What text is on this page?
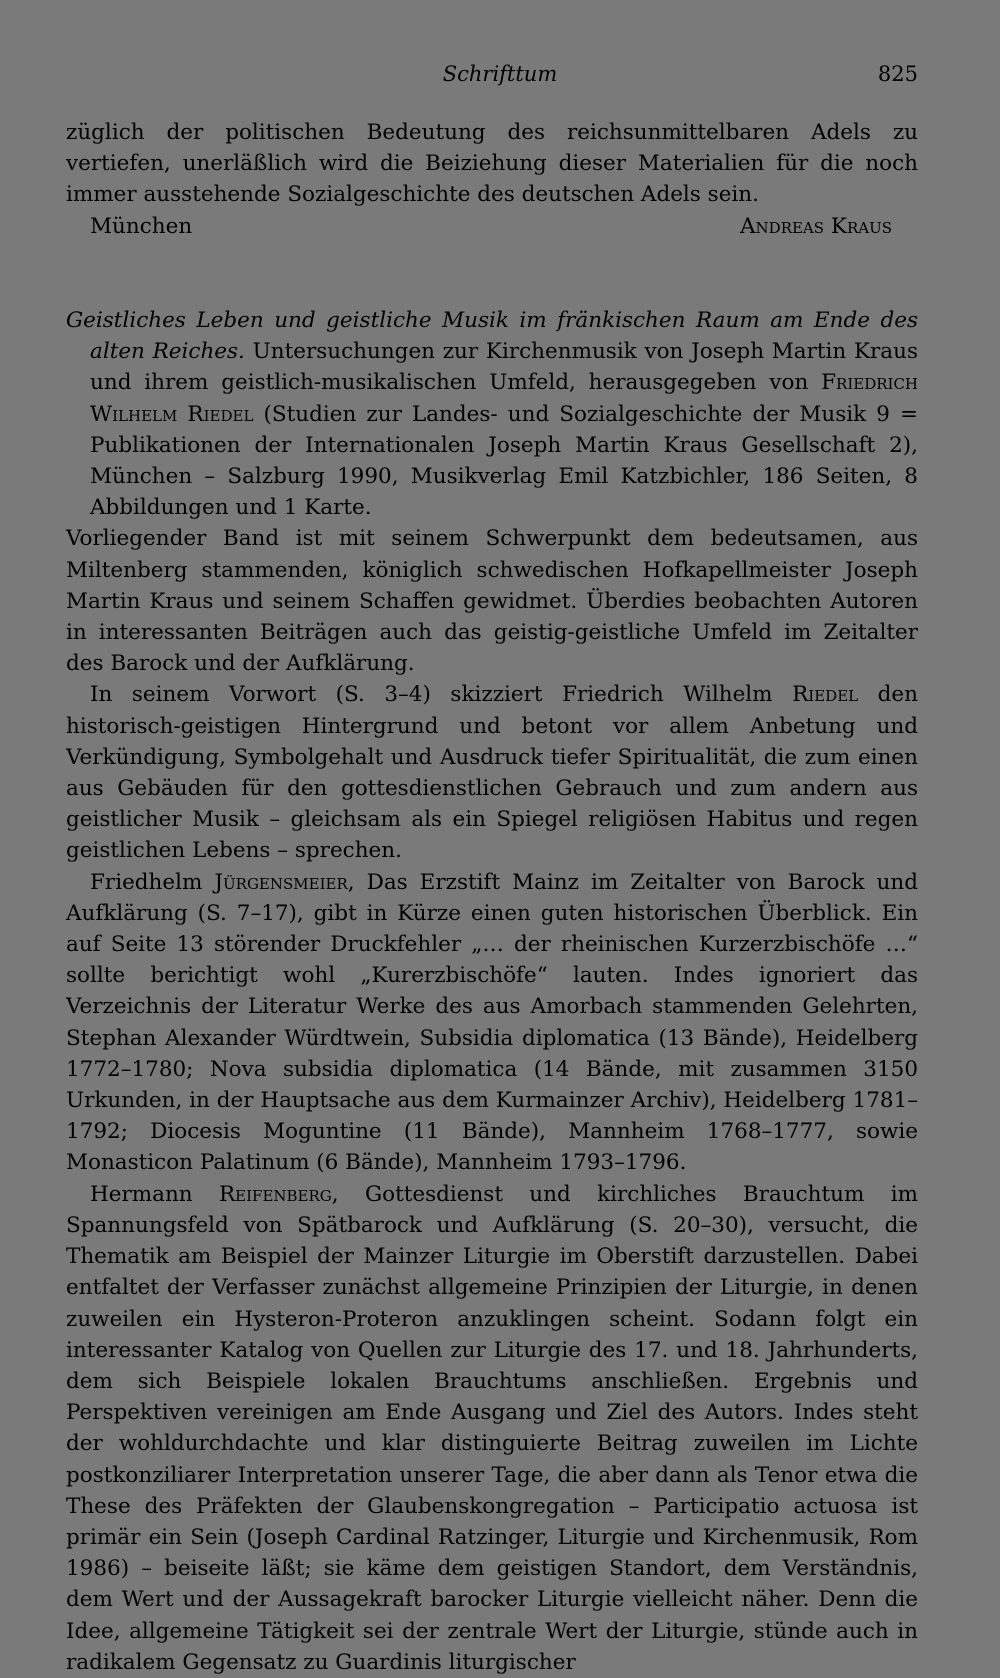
Schrifttum	825

züglich der politischen Bedeutung des reichsunmittelbaren Adels zu vertiefen, unerläßlich wird die Beiziehung dieser Materialien für die noch immer ausstehende Sozialgeschichte des deutschen Adels sein.

München	Andreas Kraus

Geistliches Leben und geistliche Musik im fränkischen Raum am Ende des alten Reiches. Untersuchungen zur Kirchenmusik von Joseph Martin Kraus und ihrem geistlich-musikalischen Umfeld, herausgegeben von Friedrich Wilhelm Riedel (Studien zur Landes- und Sozialgeschichte der Musik 9 = Publikationen der Internationalen Joseph Martin Kraus Gesellschaft 2), München – Salzburg 1990, Musikverlag Emil Katzbichler, 186 Seiten, 8 Abbildungen und 1 Karte.

Vorliegender Band ist mit seinem Schwerpunkt dem bedeutsamen, aus Miltenberg stammenden, königlich schwedischen Hofkapellmeister Joseph Martin Kraus und seinem Schaffen gewidmet. Überdies beobachten Autoren in interessanten Beiträgen auch das geistig-geistliche Umfeld im Zeitalter des Barock und der Aufklärung.

In seinem Vorwort (S. 3–4) skizziert Friedrich Wilhelm Riedel den historisch-geistigen Hintergrund und betont vor allem Anbetung und Verkündigung, Symbolgehalt und Ausdruck tiefer Spiritualität, die zum einen aus Gebäuden für den gottesdienstlichen Gebrauch und zum andern aus geistlicher Musik – gleichsam als ein Spiegel religiösen Habitus und regen geistlichen Lebens – sprechen.

Friedhelm Jürgensmeier, Das Erzstift Mainz im Zeitalter von Barock und Aufklärung (S. 7–17), gibt in Kürze einen guten historischen Überblick. Ein auf Seite 13 störender Druckfehler „… der rheinischen Kurzerzbischöfe …“ sollte berichtigt wohl „Kurerzbischöfe“ lauten. Indes ignoriert das Verzeichnis der Literatur Werke des aus Amorbach stammenden Gelehrten, Stephan Alexander Würdtwein, Subsidia diplomatica (13 Bände), Heidelberg 1772–1780; Nova subsidia diplomatica (14 Bände, mit zusammen 3150 Urkunden, in der Hauptsache aus dem Kurmainzer Archiv), Heidelberg 1781–1792; Diocesis Moguntine (11 Bände), Mannheim 1768–1777, sowie Monasticon Palatinum (6 Bände), Mannheim 1793–1796.

Hermann Reifenberg, Gottesdienst und kirchliches Brauchtum im Spannungsfeld von Spätbarock und Aufklärung (S. 20–30), versucht, die Thematik am Beispiel der Mainzer Liturgie im Oberstift darzustellen. Dabei entfaltet der Verfasser zunächst allgemeine Prinzipien der Liturgie, in denen zuweilen ein Hysteron-Proteron anzuklingen scheint. Sodann folgt ein interessanter Katalog von Quellen zur Liturgie des 17. und 18. Jahrhunderts, dem sich Beispiele lokalen Brauchtums anschließen. Ergebnis und Perspektiven vereinigen am Ende Ausgang und Ziel des Autors. Indes steht der wohldurchdachte und klar distinguierte Beitrag zuweilen im Lichte postkonziliarer Interpretation unserer Tage, die aber dann als Tenor etwa die These des Präfekten der Glaubenskongregation – Participatio actuosa ist primär ein Sein (Joseph Cardinal Ratzinger, Liturgie und Kirchenmusik, Rom 1986) – beiseite läßt; sie käme dem geistigen Standort, dem Verständnis, dem Wert und der Aussagekraft barocker Liturgie vielleicht näher. Denn die Idee, allgemeine Tätigkeit sei der zentrale Wert der Liturgie, stünde auch in radikalem Gegensatz zu Guardinis liturgischer
